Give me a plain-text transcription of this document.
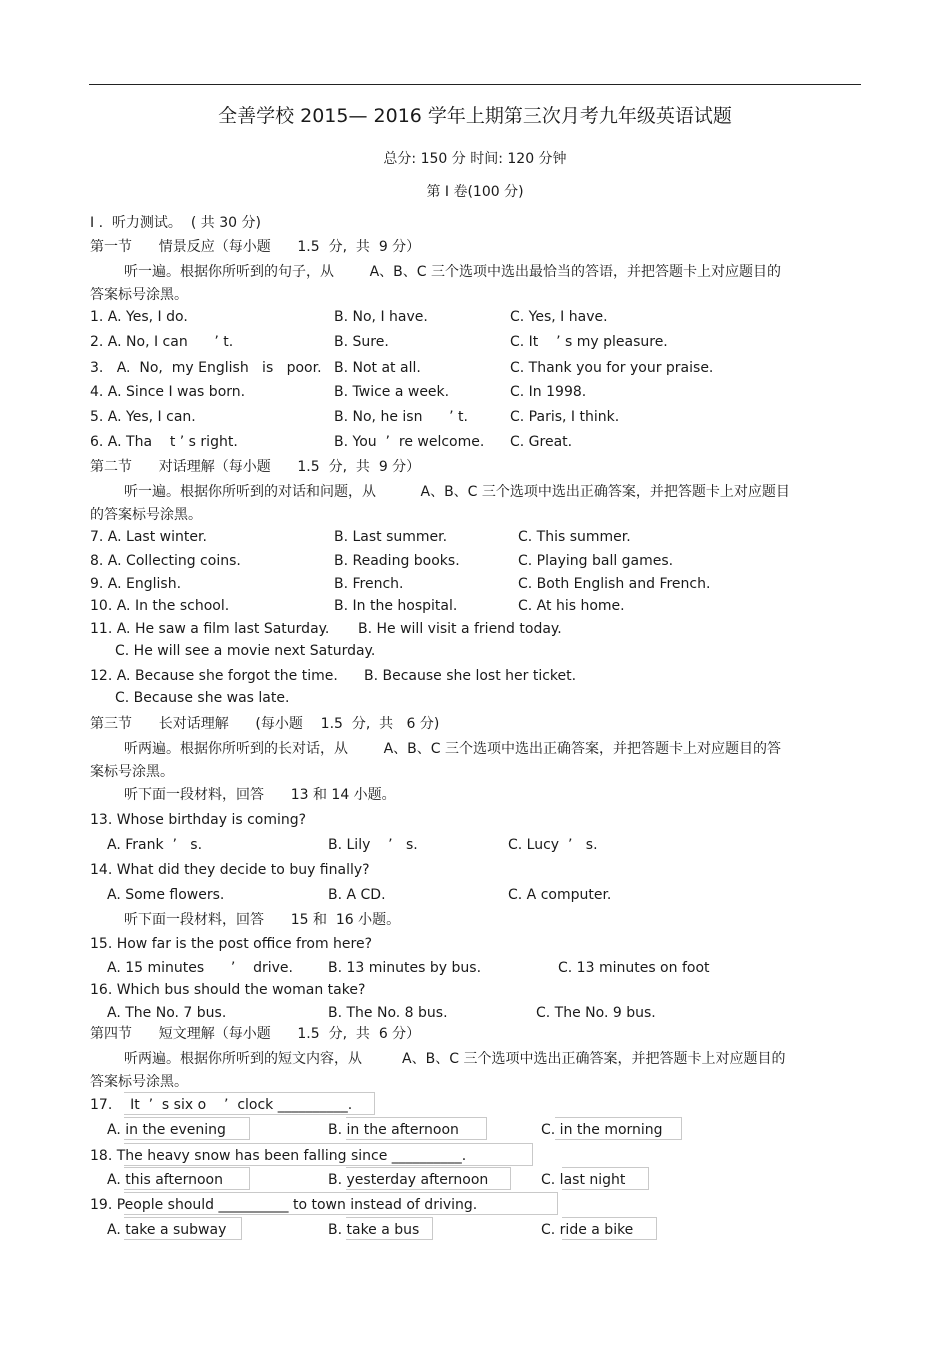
全善学校 2015— 2016 学年上期第三次月考九年级英语试题
总分: 150 分 时间: 120 分钟
第 I 卷(100 分)
I .  听力测试。  ( 共 30 分)
第一节      情景反应（每小题      1.5  分,  共  9 分）
听一遍。根据你所听到的句子，从        A、B、C 三个选项中选出最恰当的答语，并把答题卡上对应题目的
答案标号涂黑。
1. A. Yes, I do.	B. No, I have.	C. Yes, I have.
2. A. No, I can      ’ t.	B. Sure.	C. It    ’ s my pleasure.
3.   A.  No,  my English   is   poor. B. Not at all.	C. Thank you for your praise.
4. A. Since I was born.	B. Twice a week.	C. In 1998.
5. A. Yes, I can.	B. No, he isn      ’ t.	C. Paris, I think.
6. A. Tha    t ’ s right.	B. You  ’  re welcome. C. Great.
第二节      对话理解（每小题      1.5  分,  共  9 分）
听一遍。根据你所听到的对话和问题，从          A、B、C 三个选项中选出正确答案，并把答题卡上对应题目
的答案标号涂黑。
7. A. Last winter.	B. Last summer.	C. This summer.
8. A. Collecting coins.	B. Reading books.	C. Playing ball games.
9. A. English.	B. French.	C. Both English and French.
10. A. In the school.	B. In the hospital.	C. At his home.
11. A. He saw a film last Saturday. B. He will visit a friend today.
C. He will see a movie next Saturday.
12. A. Because she forgot the time. B. Because she lost her ticket.
C. Because she was late.
第三节      长对话理解      (每小题    1.5  分,  共   6 分)
听两遍。根据你所听到的长对话，从        A、B、C 三个选项中选出正确答案，并把答题卡上对应题目的答
案标号涂黑。
听下面一段材料，回答      13 和 14 小题。
13. Whose birthday is coming?
A. Frank  ’   s.	B. Lily    ’   s.	C. Lucy  ’   s.
14. What did they decide to buy finally?
A. Some flowers.	B. A CD.	C. A computer.
听下面一段材料，回答      15 和  16 小题。
15. How far is the post office from here?
A. 15 minutes      ’    drive.	B. 13 minutes by bus.	C. 13 minutes on foot
16. Which bus should the woman take?
A. The No. 7 bus.	B. The No. 8 bus.	C. The No. 9 bus.
第四节      短文理解（每小题      1.5  分,  共  6 分）
听两遍。根据你所听到的短文内容，从         A、B、C 三个选项中选出正确答案，并把答题卡上对应题目的
答案标号涂黑。
17.    It  ’  s six o    ’  clock __________.
A. in the evening	B. in the afternoon	C. in the morning
18. The heavy snow has been falling since __________.
A. this afternoon	B. yesterday afternoon	C. last night
19. People should __________ to town instead of driving.
A. take a subway	B. take a bus	C. ride a bike
